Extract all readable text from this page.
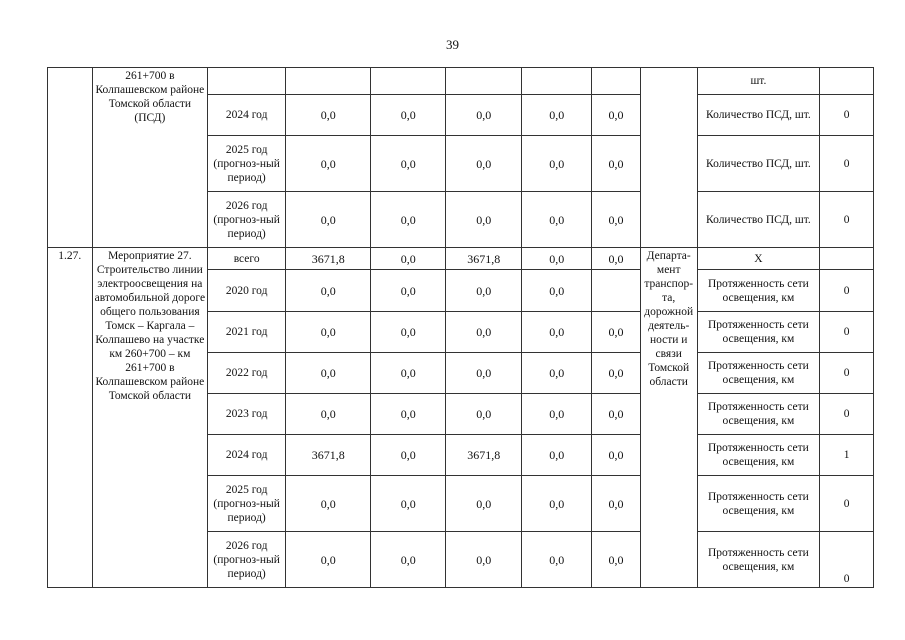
39
	261+700 в Колпашевском районе Томской области (ПСД)								шт.	
		2024 год	0,0	0,0	0,0	0,0	0,0		Количество ПСД, шт.	0
		2025 год (прогноз-ный период)	0,0	0,0	0,0	0,0	0,0		Количество ПСД, шт.	0
		2026 год (прогноз-ный период)	0,0	0,0	0,0	0,0	0,0		Количество ПСД, шт.	0
1.27.	Мероприятие 27. Строительство линии электроосвещения на автомобильной дороге общего пользования Томск – Каргала – Колпашево на участке км 260+700 – км 261+700 в Колпашевском районе Томской области	всего	3671,8	0,0	3671,8	0,0	0,0	Департа-мент транспор-та, дорожной деятель-ности и связи Томской области	Х	
		2020 год	0,0	0,0	0,0	0,0			Протяженность сети освещения, км	0
		2021 год	0,0	0,0	0,0	0,0	0,0		Протяженность сети освещения, км	0
		2022 год	0,0	0,0	0,0	0,0	0,0		Протяженность сети освещения, км	0
		2023 год	0,0	0,0	0,0	0,0	0,0		Протяженность сети освещения, км	0
		2024 год	3671,8	0,0	3671,8	0,0	0,0		Протяженность сети освещения, км	1
		2025 год (прогноз-ный период)	0,0	0,0	0,0	0,0	0,0		Протяженность сети освещения, км	0
		2026 год (прогноз-ный период)	0,0	0,0	0,0	0,0	0,0		Протяженность сети освещения, км	0
